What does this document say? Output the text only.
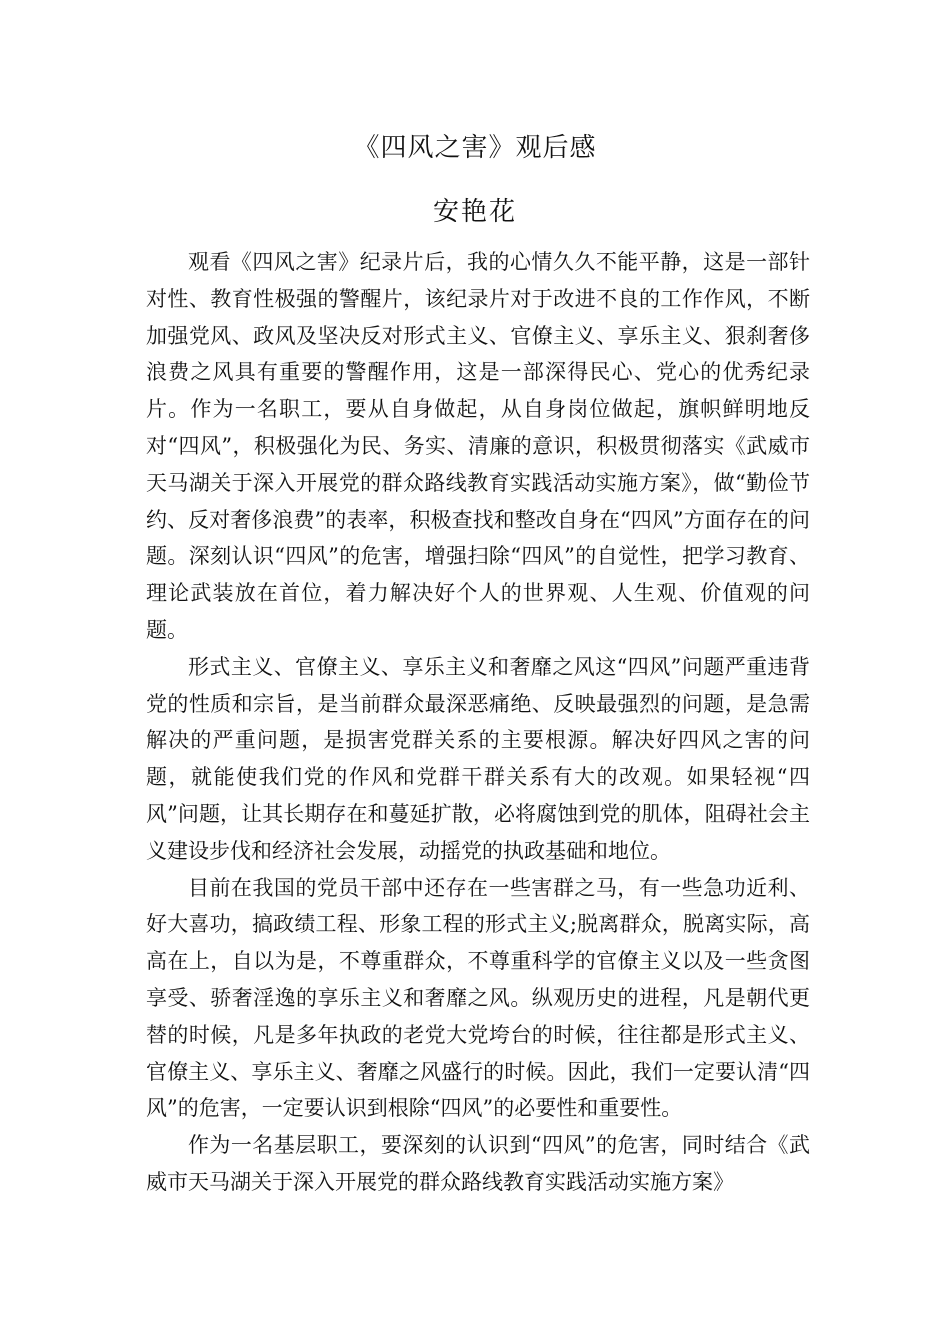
《四风之害》观后感
安艳花

观看《四风之害》纪录片后，我的心情久久不能平静，这是一部针对性、教育性极强的警醒片，该纪录片对于改进不良的工作作风，不断加强党风、政风及坚决反对形式主义、官僚主义、享乐主义、狠刹奢侈浪费之风具有重要的警醒作用，这是一部深得民心、党心的优秀纪录片。作为一名职工，要从自身做起，从自身岗位做起，旗帜鲜明地反对“四风”，积极强化为民、务实、清廉的意识，积极贯彻落实《武威市天马湖关于深入开展党的群众路线教育实践活动实施方案》，做“勤俭节约、反对奢侈浪费”的表率，积极查找和整改自身在“四风”方面存在的问题。深刻认识“四风”的危害，增强扫除“四风”的自觉性，把学习教育、理论武装放在首位，着力解决好个人的世界观、人生观、价值观的问题。

形式主义、官僚主义、享乐主义和奢靡之风这“四风”问题严重违背党的性质和宗旨，是当前群众最深恶痛绝、反映最强烈的问题，是急需解决的严重问题，是损害党群关系的主要根源。解决好四风之害的问题，就能使我们党的作风和党群干群关系有大的改观。如果轻视“四风”问题，让其长期存在和蔓延扩散，必将腐蚀到党的肌体，阻碍社会主义建设步伐和经济社会发展，动摇党的执政基础和地位。

目前在我国的党员干部中还存在一些害群之马，有一些急功近利、好大喜功，搞政绩工程、形象工程的形式主义;脱离群众，脱离实际，高高在上，自以为是，不尊重群众，不尊重科学的官僚主义以及一些贪图享受、骄奢淫逸的享乐主义和奢靡之风。纵观历史的进程，凡是朝代更替的时候，凡是多年执政的老党大党垮台的时候，往往都是形式主义、官僚主义、享乐主义、奢靡之风盛行的时候。因此，我们一定要认清“四风”的危害，一定要认识到根除“四风”的必要性和重要性。

作为一名基层职工，要深刻的认识到“四风”的危害，同时结合《武威市天马湖关于深入开展党的群众路线教育实践活动实施方案》
